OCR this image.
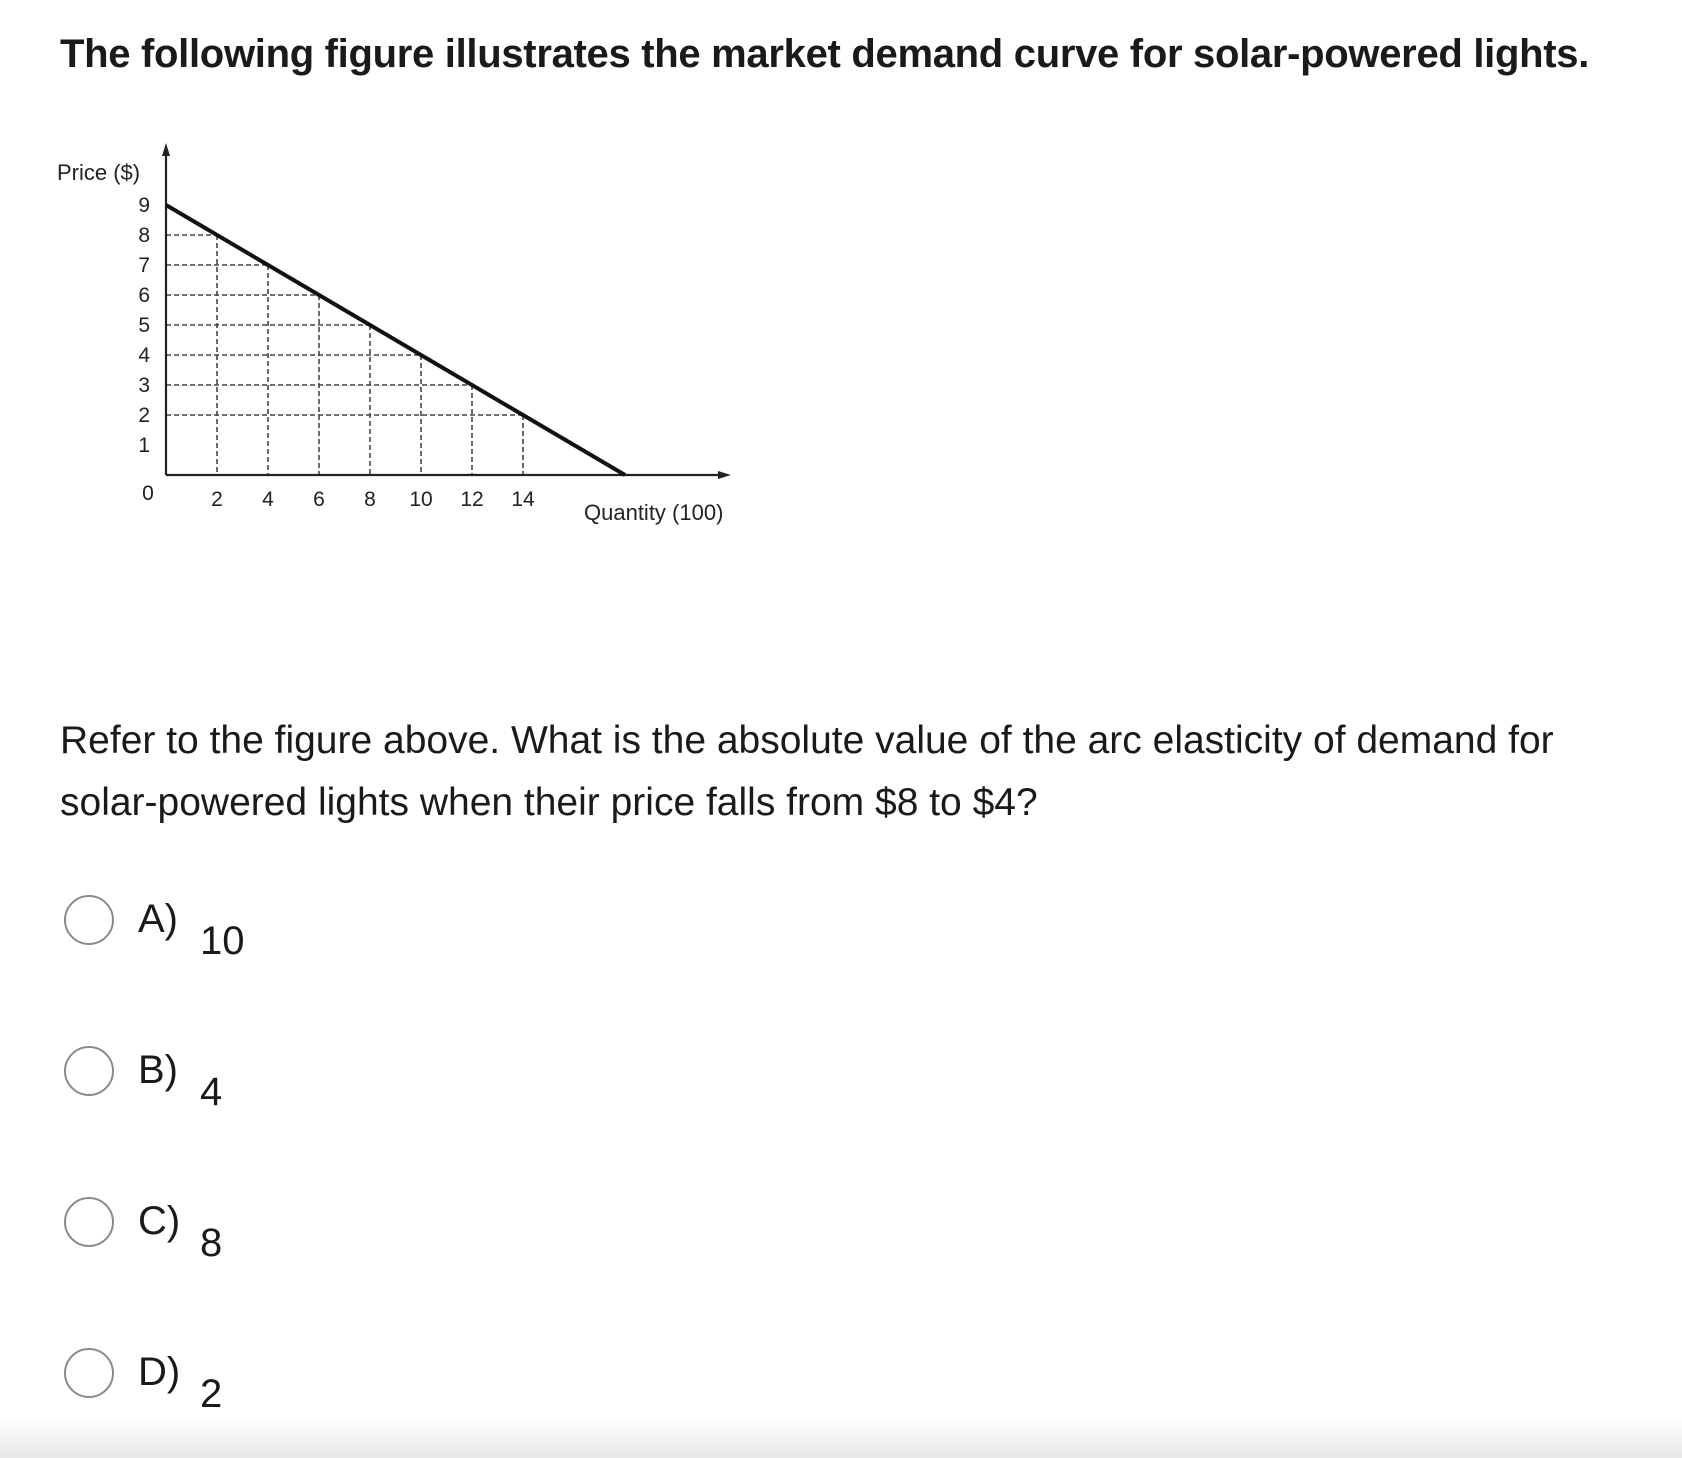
The following figure illustrates the market demand curve for solar-powered lights.
1
2
3
4
5
6
7
8
9
2 4 6 8 10 12 14
Price ($)
Quantity (100)
0
Refer to the figure above. What is the absolute value of the arc elasticity of demand for solar-powered lights when their price falls from $8 to $4?
A) 10
B) 4
C) 8
D) 2
